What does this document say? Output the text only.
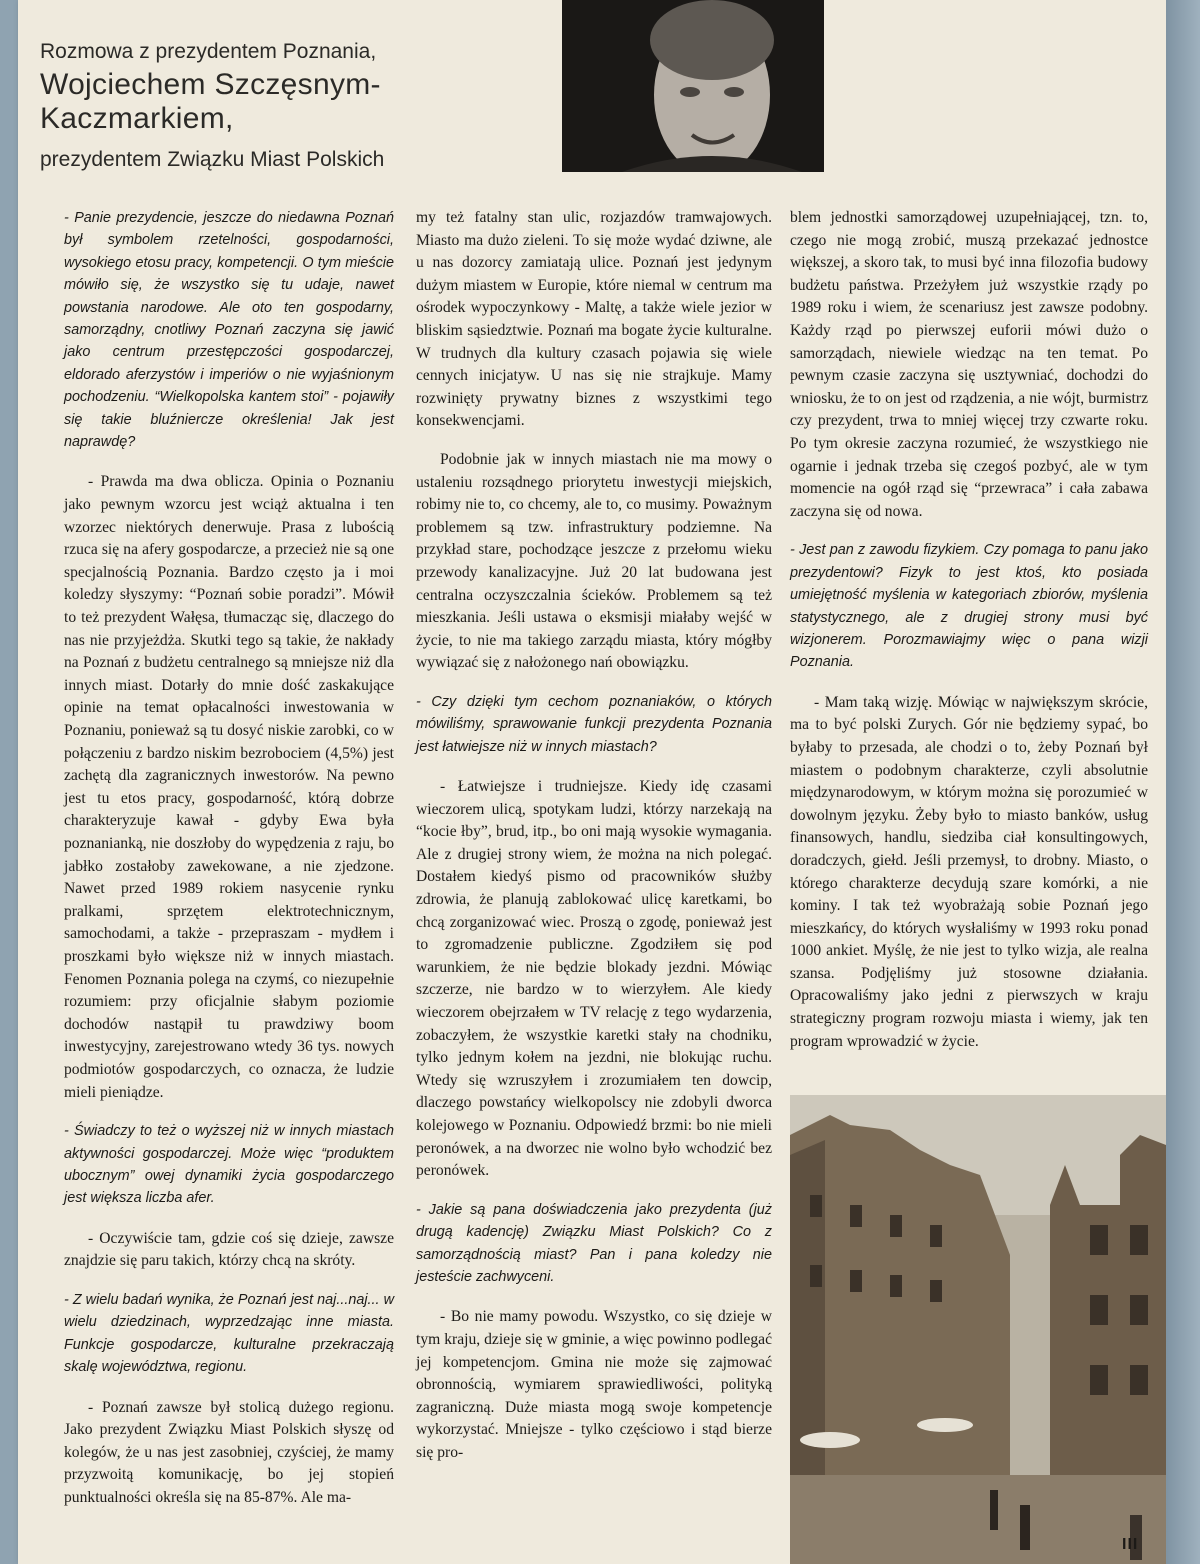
Rozmowa z prezydentem Poznania,
Wojciechem Szczęsnym-Kaczmarkiem,
prezydentem Związku Miast Polskich

- Panie prezydencie, jeszcze do niedawna Poznań był symbolem rzetelności, gospodarności, wysokiego etosu pracy, kompetencji. O tym mieście mówiło się, że wszystko się tu udaje, nawet powstania narodowe. Ale oto ten gospodarny, samorządny, cnotliwy Poznań zaczyna się jawić jako centrum przestępczości gospodarczej, eldorado aferzystów i imperiów o nie wyjaśnionym pochodzeniu. “Wielkopolska kantem stoi” - pojawiły się takie bluźniercze określenia! Jak jest naprawdę?

- Prawda ma dwa oblicza. Opinia o Poznaniu jako pewnym wzorcu jest wciąż aktualna i ten wzorzec niektórych denerwuje. Prasa z lubością rzuca się na afery gospodarcze, a przecież nie są one specjalnością Poznania. Bardzo często ja i moi koledzy słyszymy: “Poznań sobie poradzi”. Mówił to też prezydent Wałęsa, tłumacząc się, dlaczego do nas nie przyjeżdża. Skutki tego są takie, że nakłady na Poznań z budżetu centralnego są mniejsze niż dla innych miast. Dotarły do mnie dość zaskakujące opinie na temat opłacalności inwestowania w Poznaniu, ponieważ są tu dosyć niskie zarobki, co w połączeniu z bardzo niskim bezrobociem (4,5%) jest zachętą dla zagranicznych inwestorów. Na pewno jest tu etos pracy, gospodarność, którą dobrze charakteryzuje kawał - gdyby Ewa była poznanianką, nie doszłoby do wypędzenia z raju, bo jabłko zostałoby zawekowane, a nie zjedzone. Nawet przed 1989 rokiem nasycenie rynku pralkami, sprzętem elektrotechnicznym, samochodami, a także - przepraszam - mydłem i proszkami było większe niż w innych miastach. Fenomen Poznania polega na czymś, co niezupełnie rozumiem: przy oficjalnie słabym poziomie dochodów nastąpił tu prawdziwy boom inwestycyjny, zarejestrowano wtedy 36 tys. nowych podmiotów gospodarczych, co oznacza, że ludzie mieli pieniądze.

- Świadczy to też o wyższej niż w innych miastach aktywności gospodarczej. Może więc “produktem ubocznym” owej dynamiki życia gospodarczego jest większa liczba afer.

- Oczywiście tam, gdzie coś się dzieje, zawsze znajdzie się paru takich, którzy chcą na skróty.

- Z wielu badań wynika, że Poznań jest naj...naj... w wielu dziedzinach, wyprzedzając inne miasta. Funkcje gospodarcze, kulturalne przekraczają skalę województwa, regionu.

- Poznań zawsze był stolicą dużego regionu. Jako prezydent Związku Miast Polskich słyszę od kolegów, że u nas jest zasobniej, czyściej, że mamy przyzwoitą komunikację, bo jej stopień punktualności określa się na 85-87%. Ale ma-

my też fatalny stan ulic, rozjazdów tramwajowych. Miasto ma dużo zieleni. To się może wydać dziwne, ale u nas dozorcy zamiatają ulice. Poznań jest jedynym dużym miastem w Europie, które niemal w centrum ma ośrodek wypoczynkowy - Maltę, a także wiele jezior w bliskim sąsiedztwie. Poznań ma bogate życie kulturalne. W trudnych dla kultury czasach pojawia się wiele cennych inicjatyw. U nas się nie strajkuje. Mamy rozwinięty prywatny biznes z wszystkimi tego konsekwencjami.

Podobnie jak w innych miastach nie ma mowy o ustaleniu rozsądnego priorytetu inwestycji miejskich, robimy nie to, co chcemy, ale to, co musimy. Poważnym problemem są tzw. infrastruktury podziemne. Na przykład stare, pochodzące jeszcze z przełomu wieku przewody kanalizacyjne. Już 20 lat budowana jest centralna oczyszczalnia ścieków. Problemem są też mieszkania. Jeśli ustawa o eksmisji miałaby wejść w życie, to nie ma takiego zarządu miasta, który mógłby wywiązać się z nałożonego nań obowiązku.

- Czy dzięki tym cechom poznaniaków, o których mówiliśmy, sprawowanie funkcji prezydenta Poznania jest łatwiejsze niż w innych miastach?

- Łatwiejsze i trudniejsze. Kiedy idę czasami wieczorem ulicą, spotykam ludzi, którzy narzekają na “kocie łby”, brud, itp., bo oni mają wysokie wymagania. Ale z drugiej strony wiem, że można na nich polegać. Dostałem kiedyś pismo od pracowników służby zdrowia, że planują zablokować ulicę karetkami, bo chcą zorganizować wiec. Proszą o zgodę, ponieważ jest to zgromadzenie publiczne. Zgodziłem się pod warunkiem, że nie będzie blokady jezdni. Mówiąc szczerze, nie bardzo w to wierzyłem. Ale kiedy wieczorem obejrzałem w TV relację z tego wydarzenia, zobaczyłem, że wszystkie karetki stały na chodniku, tylko jednym kołem na jezdni, nie blokując ruchu. Wtedy się wzruszyłem i zrozumiałem ten dowcip, dlaczego powstańcy wielkopolscy nie zdobyli dworca kolejowego w Poznaniu. Odpowiedź brzmi: bo nie mieli peronówek, a na dworzec nie wolno było wchodzić bez peronówek.

- Jakie są pana doświadczenia jako prezydenta (już drugą kadencję) Związku Miast Polskich? Co z samorządnością miast? Pan i pana koledzy nie jesteście zachwyceni.

- Bo nie mamy powodu. Wszystko, co się dzieje w tym kraju, dzieje się w gminie, a więc powinno podlegać jej kompetencjom. Gmina nie może się zajmować obronnością, wymiarem sprawiedliwości, polityką zagraniczną. Duże miasta mogą swoje kompetencje wykorzystać. Mniejsze - tylko częściowo i stąd bierze się pro-

blem jednostki samorządowej uzupełniającej, tzn. to, czego nie mogą zrobić, muszą przekazać jednostce większej, a skoro tak, to musi być inna filozofia budowy budżetu państwa. Przeżyłem już wszystkie rządy po 1989 roku i wiem, że scenariusz jest zawsze podobny. Każdy rząd po pierwszej euforii mówi dużo o samorządach, niewiele wiedząc na ten temat. Po pewnym czasie zaczyna się usztywniać, dochodzi do wniosku, że to on jest od rządzenia, a nie wójt, burmistrz czy prezydent, trwa to mniej więcej trzy czwarte roku. Po tym okresie zaczyna rozumieć, że wszystkiego nie ogarnie i jednak trzeba się czegoś pozbyć, ale w tym momencie na ogół rząd się “przewraca” i cała zabawa zaczyna się od nowa.

- Jest pan z zawodu fizykiem. Czy pomaga to panu jako prezydentowi? Fizyk to jest ktoś, kto posiada umiejętność myślenia w kategoriach zbiorów, myślenia statystycznego, ale z drugiej strony musi być wizjonerem. Porozmawiajmy więc o pana wizji Poznania.

- Mam taką wizję. Mówiąc w największym skrócie, ma to być polski Zurych. Gór nie będziemy sypać, bo byłaby to przesada, ale chodzi o to, żeby Poznań był miastem o podobnym charakterze, czyli absolutnie międzynarodowym, w którym można się porozumieć w dowolnym języku. Żeby było to miasto banków, usług finansowych, handlu, siedziba ciał konsultingowych, doradczych, giełd. Jeśli przemysł, to drobny. Miasto, o którego charakterze decydują szare komórki, a nie kominy. I tak też wyobrażają sobie Poznań jego mieszkańcy, do których wysłaliśmy w 1993 roku ponad 1000 ankiet. Myślę, że nie jest to tylko wizja, ale realna szansa. Podjęliśmy już stosowne działania. Opracowaliśmy jako jedni z pierwszych w kraju strategiczny program rozwoju miasta i wiemy, jak ten program wprowadzić w życie.

III
